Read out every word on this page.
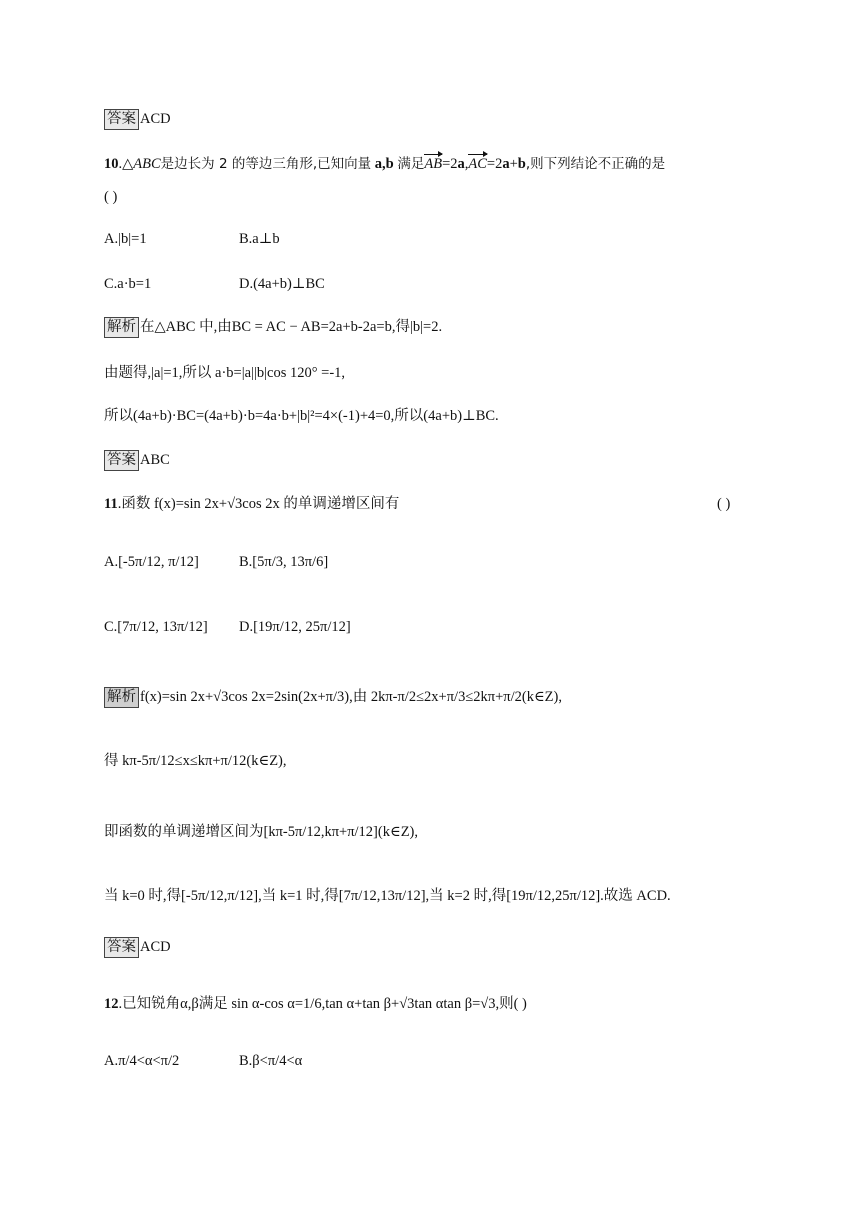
答案 ACD
10.△ABC是边长为 2 的等边三角形,已知向量 a,b 满足AB=2a,AC=2a+b,则下列结论不正确的是
( )
A.|b|=1	B.a⊥b
C.a·b=1	D.(4a+b)⊥BC
解析 在△ABC 中,由BC = AC − AB=2a+b-2a=b,得|b|=2.
由题得,|a|=1,所以 a·b=|a||b|cos 120° =-1,
所以(4a+b)·BC=(4a+b)·b=4a·b+|b|²=4×(-1)+4=0,所以(4a+b)⊥BC.
答案 ABC
11.函数 f(x)=sin 2x+√3cos 2x 的单调递增区间有	( )
A.[-5π/12, π/12]	B.[5π/3, 13π/6]
C.[7π/12, 13π/12] D.[19π/12, 25π/12]
解析 f(x)=sin 2x+√3cos 2x=2sin(2x+π/3),由 2kπ-π/2≤2x+π/3≤2kπ+π/2(k∈Z),
得 kπ-5π/12≤x≤kπ+π/12(k∈Z),
即函数的单调递增区间为[kπ-5π/12,kπ+π/12](k∈Z),
当 k=0 时,得[-5π/12,π/12],当 k=1 时,得[7π/12,13π/12],当 k=2 时,得[19π/12,25π/12].故选 ACD.
答案 ACD
12.已知锐角α,β满足 sin α-cos α=1/6,tan α+tan β+√3tan αtan β=√3,则( )
A.π/4<α<π/2	B.β<π/4<α
